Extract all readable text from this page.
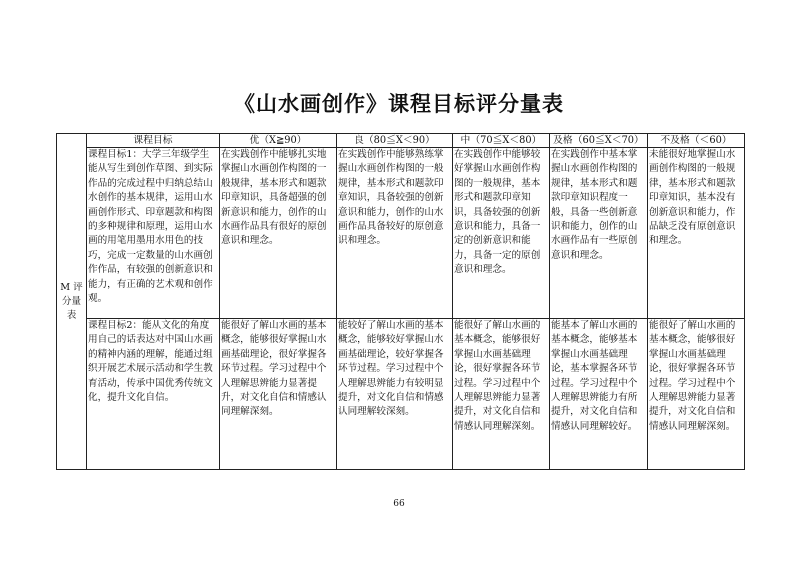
《山水画创作》课程目标评分量表
M 评分量表	课程目标	优（X≧90）	良（80≦X＜90）	中（70≦X＜80）	及格（60≦X＜70）	不及格（＜60）
	课程目标1：大学三年级学生能从写生到创作草图、到实际作品的完成过程中归纳总结山水创作的基本规律，运用山水画创作形式、印章题款和构图的多种规律和原理，运用山水画的用笔用墨用水用色的技巧，完成一定数量的山水画创作作品，有较强的创新意识和能力，有正确的艺术观和创作观。	在实践创作中能够扎实地掌握山水画创作构图的一般规律，基本形式和题款印章知识，具备超强的创新意识和能力，创作的山水画作品具有很好的原创意识和理念。	在实践创作中能够熟练掌握山水画创作构图的一般规律，基本形式和题款印章知识，具备较强的创新意识和能力，创作的山水画作品具备较好的原创意识和理念。	在实践创作中能够较好掌握山水画创作构图的一般规律，基本形式和题款印章知识，具备较强的创新意识和能力，具备一定的创新意识和能力，具备一定的原创意识和理念。	在实践创作中基本掌握山水画创作构图的规律，基本形式和题款印章知识程度一般，具备一些创新意识和能力，创作的山水画作品有一些原创意识和理念。	未能很好地掌握山水画创作构图的一般规律，基本形式和题款印章知识，基本没有创新意识和能力，作品缺乏没有原创意识和理念。
	课程目标2：能从文化的角度用自己的话表达对中国山水画的精神内涵的理解，能通过组织开展艺术展示活动和学生教育活动，传承中国优秀传统文化，提升文化自信。	能很好了解山水画的基本概念，能够很好掌握山水画基础理论，很好掌握各环节过程。学习过程中个人理解思辨能力显著提升，对文化自信和情感认同理解深刻。	能较好了解山水画的基本概念，能够较好掌握山水画基础理论，较好掌握各环节过程。学习过程中个人理解思辨能力有较明显提升，对文化自信和情感认同理解较深刻。	能很好了解山水画的基本概念，能够很好掌握山水画基础理论，很好掌握各环节过程。学习过程中个人理解思辨能力显著提升，对文化自信和情感认同理解深刻。	能基本了解山水画的基本概念，能够基本掌握山水画基础理论，基本掌握各环节过程。学习过程中个人理解思辨能力有所提升，对文化自信和情感认同理解较好。	能很好了解山水画的基本概念，能够很好掌握山水画基础理论，很好掌握各环节过程。学习过程中个人理解思辨能力显著提升，对文化自信和情感认同理解深刻。
66
